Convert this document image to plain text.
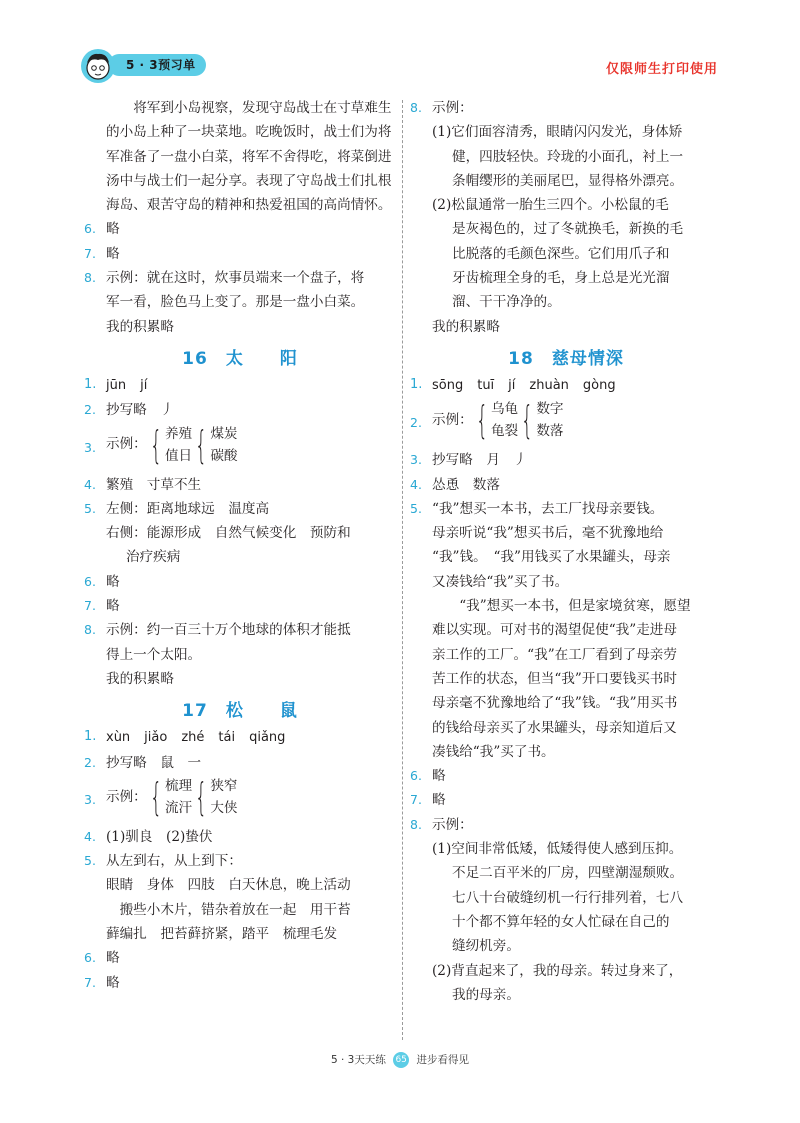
5 · 3预习单	仅限师生打印使用
将军到小岛视察，发现守岛战士在寸草难生的小岛上种了一块菜地。吃晚饭时，战士们为将军准备了一盘小白菜，将军不舍得吃，将菜倒进汤中与战士们一起分享。表现了守岛战士们扎根海岛、艰苦守岛的精神和热爱祖国的高尚情怀。
6. 略
7. 略
8. 示例：就在这时，炊事员端来一个盘子，将
军一看，脸色马上变了。那是一盘小白菜。
我的积累略
16 太　　阳
1. jūn jí
2. 抄写略　丿
3. 示例： { 养殖
值日 { 煤炭
碳酸
4. 繁殖　寸草不生
5. 左侧：距离地球远　温度高
右侧：能源形成　自然气候变化　预防和
治疗疾病
6. 略
7. 略
8. 示例：约一百三十万个地球的体积才能抵
得上一个太阳。
我的积累略
17 松　　鼠
1. xùn jiǎo zhé tái qiǎng
2. 抄写略　鼠　一
3. 示例： { 梳理
流汗 { 狭窄
大侠
4. (1)驯良　(2)蛰伏
5. 从左到右，从上到下：
眼睛　身体　四肢　白天休息，晚上活动
搬些小木片，错杂着放在一起　用干苔
藓编扎　把苔藓挤紧，踏平　梳理毛发
6. 略
7. 略
8. 示例：
(1)它们面容清秀，眼睛闪闪发光，身体矫
健，四肢轻快。玲珑的小面孔，衬上一
条帽缨形的美丽尾巴，显得格外漂亮。
(2)松鼠通常一胎生三四个。小松鼠的毛
是灰褐色的，过了冬就换毛，新换的毛
比脱落的毛颜色深些。它们用爪子和
牙齿梳理全身的毛，身上总是光光溜
溜、干干净净的。
我的积累略
18 慈母情深
1. sōng tuī jí zhuàn gòng
2. 示例： { 乌龟
龟裂 { 数字
数落
3. 抄写略　月　丿
4. 怂恿　数落
5. “我”想买一本书，去工厂找母亲要钱。
母亲听说“我”想买书后，毫不犹豫地给
“我”钱。　“我”用钱买了水果罐头，母亲
又凑钱给“我”买了书。
“我”想买一本书，但是家境贫寒，愿望
难以实现。可对书的渴望促使“我”走进母
亲工作的工厂。“我”在工厂看到了母亲劳
苦工作的状态，但当“我”开口要钱买书时
母亲毫不犹豫地给了“我”钱。“我”用买书
的钱给母亲买了水果罐头，母亲知道后又
凑钱给“我”买了书。
6. 略
7. 略
8. 示例：
(1)空间非常低矮，低矮得使人感到压抑。
不足二百平米的厂房，四壁潮湿颓败。
七八十台破缝纫机一行行排列着，七八
十个都不算年轻的女人忙碌在自己的
缝纫机旁。
(2)背直起来了，我的母亲。转过身来了，
我的母亲。
5 · 3天天练 65 进步看得见
